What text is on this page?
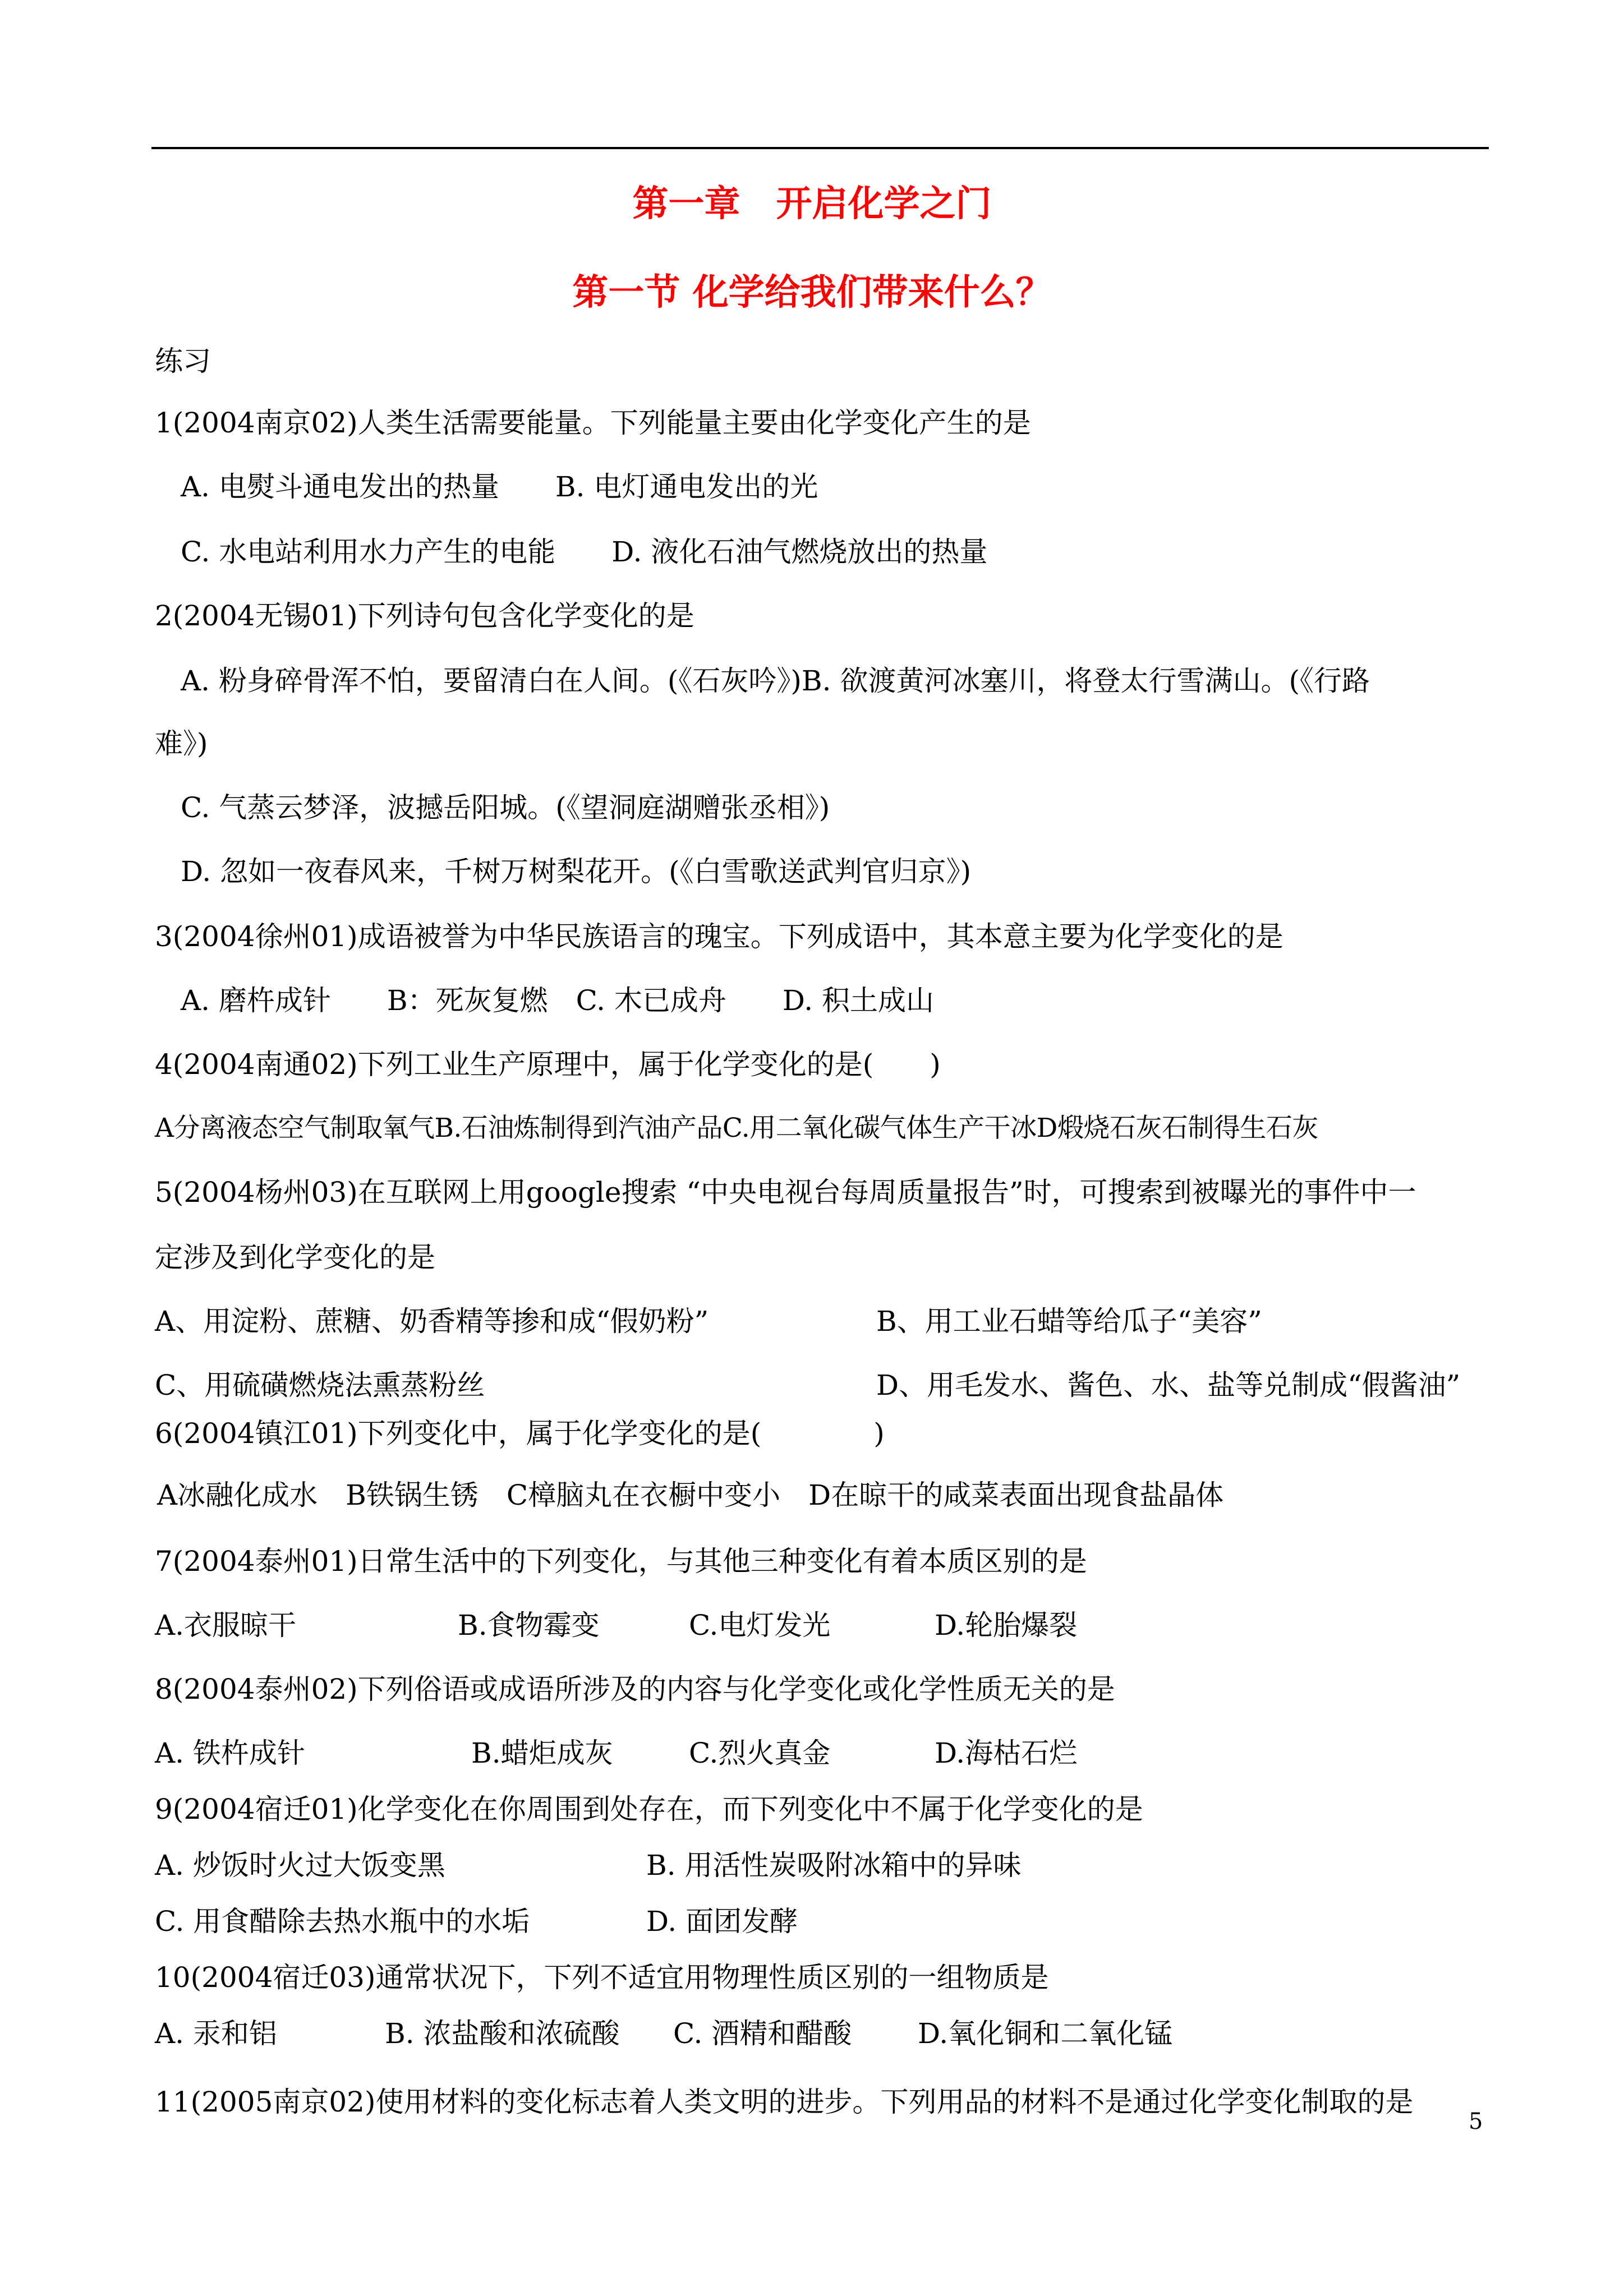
第一章　开启化学之门
第一节 化学给我们带来什么？
练习
1(2004南京02)人类生活需要能量。下列能量主要由化学变化产生的是
A. 电熨斗通电发出的热量　　B. 电灯通电发出的光
C. 水电站利用水力产生的电能　　D. 液化石油气燃烧放出的热量
2(2004无锡01)下列诗句包含化学变化的是
A. 粉身碎骨浑不怕，要留清白在人间。(《石灰吟》)B. 欲渡黄河冰塞川，将登太行雪满山。(《行路
难》)
C. 气蒸云梦泽，波撼岳阳城。(《望洞庭湖赠张丞相》)
D. 忽如一夜春风来，千树万树梨花开。(《白雪歌送武判官归京》)
3(2004徐州01)成语被誉为中华民族语言的瑰宝。下列成语中，其本意主要为化学变化的是
A. 磨杵成针　　B：死灰复燃　C. 木已成舟　　D. 积土成山
4(2004南通02)下列工业生产原理中，属于化学变化的是(　　)
A分离液态空气制取氧气B.石油炼制得到汽油产品C.用二氧化碳气体生产干冰D煅烧石灰石制得生石灰
5(2004杨州03)在互联网上用google搜索 “中央电视台每周质量报告”时，可搜索到被曝光的事件中一
定涉及到化学变化的是
A、用淀粉、蔗糖、奶香精等掺和成“假奶粉”	B、用工业石蜡等给瓜子“美容”
C、用硫磺燃烧法熏蒸粉丝	D、用毛发水、酱色、水、盐等兑制成“假酱油”
6(2004镇江01)下列变化中，属于化学变化的是(　　　　)
A冰融化成水　B铁锅生锈　C樟脑丸在衣橱中变小　D在晾干的咸菜表面出现食盐晶体
7(2004泰州01)日常生活中的下列变化，与其他三种变化有着本质区别的是
A.衣服晾干	B.食物霉变	C.电灯发光	D.轮胎爆裂
8(2004泰州02)下列俗语或成语所涉及的内容与化学变化或化学性质无关的是
A. 铁杵成针	B.蜡炬成灰	C.烈火真金	D.海枯石烂
9(2004宿迁01)化学变化在你周围到处存在，而下列变化中不属于化学变化的是
A. 炒饭时火过大饭变黑	B. 用活性炭吸附冰箱中的异味
C. 用食醋除去热水瓶中的水垢	D. 面团发酵
10(2004宿迁03)通常状况下，下列不适宜用物理性质区别的一组物质是
A. 汞和铝	B. 浓盐酸和浓硫酸 C. 酒精和醋酸 D.氧化铜和二氧化锰
11(2005南京02)使用材料的变化标志着人类文明的进步。下列用品的材料不是通过化学变化制取的是
5
